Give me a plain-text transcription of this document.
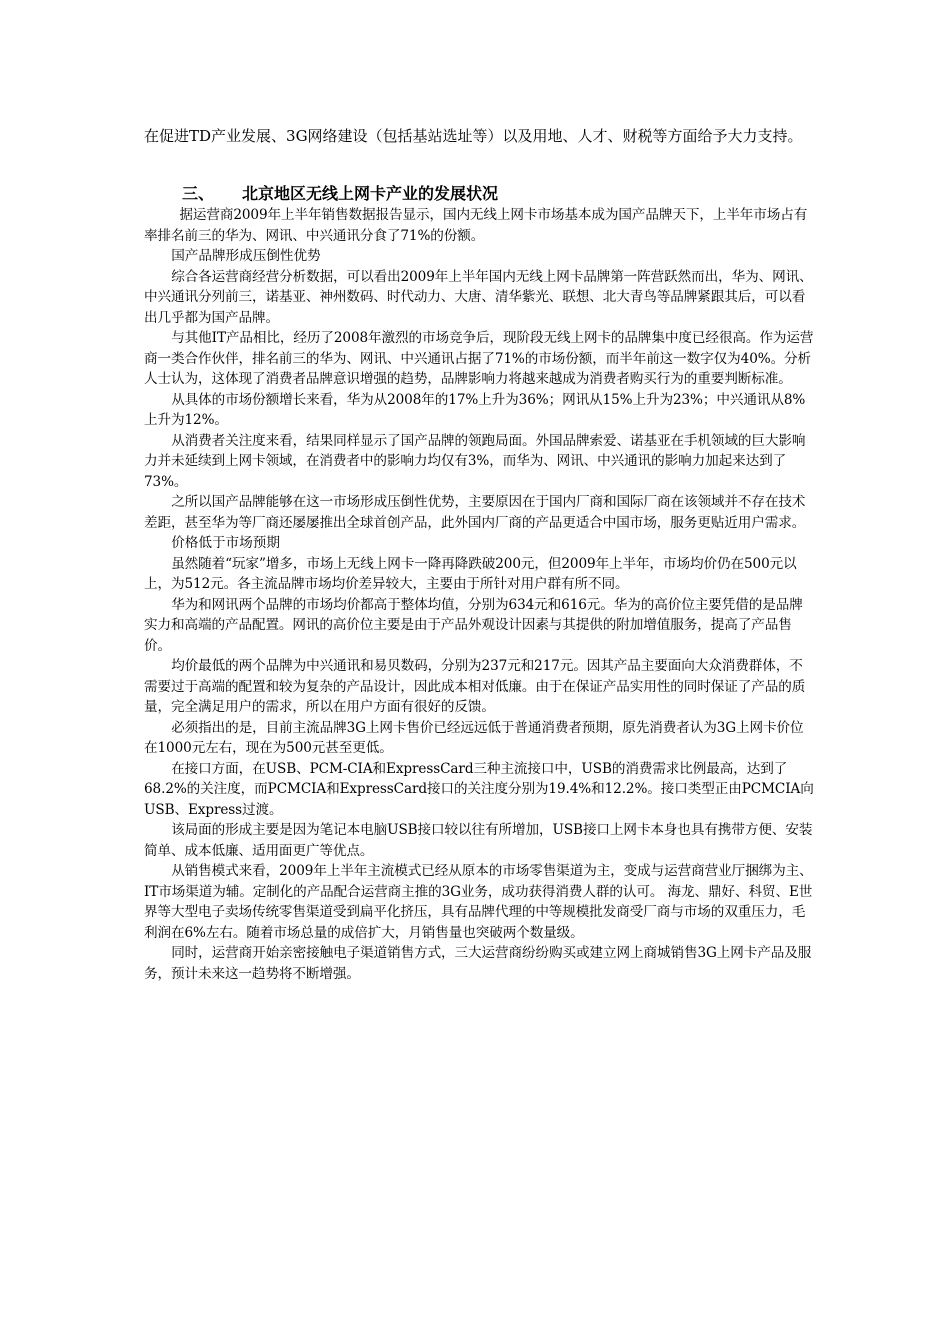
在促进TD产业发展、3G网络建设（包括基站选址等）以及用地、人才、财税等方面给予大力支持。

三、	北京地区无线上网卡产业的发展状况

据运营商2009年上半年销售数据报告显示，国内无线上网卡市场基本成为国产品牌天下，上半年市场占有率排名前三的华为、网讯、中兴通讯分食了71%的份额。

国产品牌形成压倒性优势

综合各运营商经营分析数据，可以看出2009年上半年国内无线上网卡品牌第一阵营跃然而出，华为、网讯、中兴通讯分列前三，诺基亚、神州数码、时代动力、大唐、清华紫光、联想、北大青鸟等品牌紧跟其后，可以看出几乎都为国产品牌。

与其他IT产品相比，经历了2008年激烈的市场竞争后，现阶段无线上网卡的品牌集中度已经很高。作为运营商一类合作伙伴，排名前三的华为、网讯、中兴通讯占据了71%的市场份额，而半年前这一数字仅为40%。分析人士认为，这体现了消费者品牌意识增强的趋势，品牌影响力将越来越成为消费者购买行为的重要判断标准。

从具体的市场份额增长来看，华为从2008年的17%上升为36%；网讯从15%上升为23%；中兴通讯从8%上升为12%。

从消费者关注度来看，结果同样显示了国产品牌的领跑局面。外国品牌索爱、诺基亚在手机领域的巨大影响力并未延续到上网卡领域，在消费者中的影响力均仅有3%，而华为、网讯、中兴通讯的影响力加起来达到了73%。

之所以国产品牌能够在这一市场形成压倒性优势，主要原因在于国内厂商和国际厂商在该领域并不存在技术差距，甚至华为等厂商还屡屡推出全球首创产品，此外国内厂商的产品更适合中国市场，服务更贴近用户需求。

价格低于市场预期

虽然随着“玩家”增多，市场上无线上网卡一降再降跌破200元，但2009年上半年，市场均价仍在500元以上，为512元。各主流品牌市场均价差异较大，主要由于所针对用户群有所不同。

华为和网讯两个品牌的市场均价都高于整体均值，分别为634元和616元。华为的高价位主要凭借的是品牌实力和高端的产品配置。网讯的高价位主要是由于产品外观设计因素与其提供的附加增值服务，提高了产品售价。

均价最低的两个品牌为中兴通讯和易贝数码，分别为237元和217元。因其产品主要面向大众消费群体，不需要过于高端的配置和较为复杂的产品设计，因此成本相对低廉。由于在保证产品实用性的同时保证了产品的质量，完全满足用户的需求，所以在用户方面有很好的反馈。

必须指出的是，目前主流品牌3G上网卡售价已经远远低于普通消费者预期，原先消费者认为3G上网卡价位在1000元左右，现在为500元甚至更低。

在接口方面，在USB、PCM-CIA和ExpressCard三种主流接口中，USB的消费需求比例最高，达到了68.2%的关注度，而PCMCIA和ExpressCard接口的关注度分别为19.4%和12.2%。接口类型正由PCMCIA向USB、Express过渡。

该局面的形成主要是因为笔记本电脑USB接口较以往有所增加，USB接口上网卡本身也具有携带方便、安装简单、成本低廉、适用面更广等优点。

从销售模式来看，2009年上半年主流模式已经从原本的市场零售渠道为主，变成与运营商营业厅捆绑为主、IT市场渠道为辅。定制化的产品配合运营商主推的3G业务，成功获得消费人群的认可。 海龙、鼎好、科贸、E世界等大型电子卖场传统零售渠道受到扁平化挤压，具有品牌代理的中等规模批发商受厂商与市场的双重压力，毛利润在6%左右。随着市场总量的成倍扩大，月销售量也突破两个数量级。

同时，运营商开始亲密接触电子渠道销售方式，三大运营商纷纷购买或建立网上商城销售3G上网卡产品及服务，预计未来这一趋势将不断增强。
